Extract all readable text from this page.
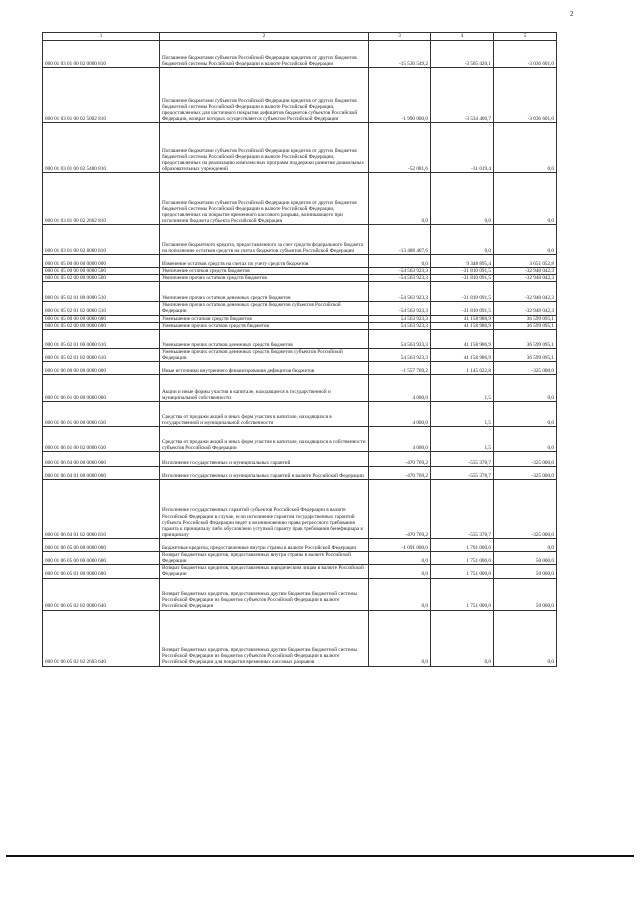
2
1	2	3	4	5
000 01 03 01 00 02 0000 810	Погашение бюджетами субъектов Российской Федерации кредитов от других бюджетов бюджетной системы Российской Федерации в валюте Российской Федерации	-15 530 549,2	-3 565 420,1	-3 036 601,0
000 01 03 01 00 02 5002 810	Погашение бюджетами субъектов Российской Федерации кредитов от других бюджетов бюджетной системы Российской Федерации в валюте Российской Федерации, предоставленных для частичного покрытия дефицитов бюджетов субъектов Российской Федерации, возврат которых осуществляется субъектом Российской Федерации	-1 990 000,0	-3 534 400,7	-3 036 601,0
000 01 03 01 00 02 5400 810	Погашение бюджетами субъектов Российской Федерации кредитов от других бюджетов бюджетной системы Российской Федерации в валюте Российской Федерации, предоставленных на реализацию комплексных программ поддержки развития дошкольных образовательных учреждений	-52 081,6	-31 019,4	0,0
000 01 03 01 00 02 2602 810	Погашение бюджетами субъектов Российской Федерации кредитов от других бюджетов бюджетной системы Российской Федерации в валюте Российской Федерации, предоставленных на покрытие временного кассового разрыва, возникающего при исполнении бюджета субъекта Российской Федерации	0,0	0,0	0,0
000 01 03 01 00 02 8000 810	Погашение бюджетного кредита, предоставленного за счет средств федерального бюджета на пополнение остатков средств на счетах бюджетов субъектов Российской Федерации	-13 488 467,6	0,0	0,0
000 01 05 00 00 00 0000 000	Изменение остатков средств на счетах по учету средств бюджетов	0,0	9 348 895,4	3 651 052,8
000 01 05 00 00 00 0000 500	Увеличение остатков средств бюджетов	-54 563 923,3	-31 810 091,5	-32 948 042,3
000 01 05 02 00 00 0000 500	Увеличение прочих остатков средств бюджетов	-54 563 923,3	-31 810 091,5	-32 948 042,3
000 01 05 02 01 00 0000 510	Увеличение прочих остатков денежных средств бюджетов	-54 563 923,3	-31 810 091,5	-32 948 042,3
000 01 05 02 01 02 0000 510	Увеличение прочих остатков денежных средств бюджетов субъектов Российской Федерации	-54 563 923,3	-31 810 091,5	-32 948 042,3
000 01 05 00 00 00 0000 600	Уменьшение остатков средств бюджетов	54 563 923,3	41 158 986,9	36 599 095,1
000 01 05 02 00 00 0000 600	Уменьшение прочих остатков средств бюджетов	54 563 923,3	41 158 986,9	36 599 095,1
000 01 05 02 01 00 0000 610	Уменьшение прочих остатков денежных средств бюджетов	54 563 923,3	41 158 986,9	36 599 095,1
000 01 05 02 01 02 0000 610	Уменьшение прочих остатков денежных средств бюджетов субъектов Российской Федерации	54 563 923,3	41 158 986,9	36 599 095,1
000 01 06 00 00 00 0000 000	Иные источники внутреннего финансирования дефицитов бюджетов	-1 557 769,2	1 145 622,8	-325 000,0
000 01 06 01 00 00 0000 000	Акции и иные формы участия в капитале, находящиеся в государственной и муниципальной собственности	4 000,0	1,5	0,0
000 01 06 01 00 00 0000 630	Средства от продажи акций и иных форм участия в капитале, находящихся в государственной и муниципальной собственности	4 000,0	1,5	0,0
000 01 06 01 00 02 0000 630	Средства от продажи акций и иных форм участия в капитале, находящихся в собственности субъектов Российской Федерации	4 000,0	1,5	0,0
000 01 06 04 00 00 0000 000	Исполнение государственных и муниципальных гарантий	-470 769,2	-555 378,7	-325 000,0
000 01 06 04 01 00 0000 000	Исполнение государственных и муниципальных гарантий в валюте Российской Федерации	-470 769,2	-555 378,7	-325 000,0
000 01 06 04 01 02 0000 810	Исполнение государственных гарантий субъектов Российской Федерации в валюте Российской Федерации в случае, если исполнение гарантом государственных гарантий субъекта Российской Федерации ведет к возникновению права регрессного требования гаранта к принципалу либо обусловлено уступкой гаранту прав требования бенефициара к принципалу	-470 769,2	-555 378,7	-325 000,0
000 01 06 05 00 00 0000 000	Бюджетные кредиты, предоставленные внутри страны в валюте Российской Федерации	-1 091 000,0	1 701 000,0	0,0
000 01 06 05 00 00 0000 600	Возврат бюджетных кредитов, предоставленных внутри страны в валюте Российской Федерации	0,0	1 751 000,0	50 000,0
000 01 06 05 01 00 0000 600	Возврат бюджетных кредитов, предоставленных юридическим лицам в валюте Российской Федерации	0,0	1 751 000,0	50 000,0
000 01 06 05 02 02 0000 640	Возврат бюджетных кредитов, предоставленных другим бюджетам бюджетной системы Российской Федерации из бюджетов субъектов Российской Федерации в валюте Российской Федерации	0,0	1 751 000,0	50 000,0
000 01 06 05 02 02 2603 640	Возврат бюджетных кредитов, предоставленных другим бюджетам бюджетной системы Российской Федерации из бюджетов субъектов Российской Федерации в валюте Российской Федерации для покрытия временных кассовых разрывов	0,0	0,0	0,0
